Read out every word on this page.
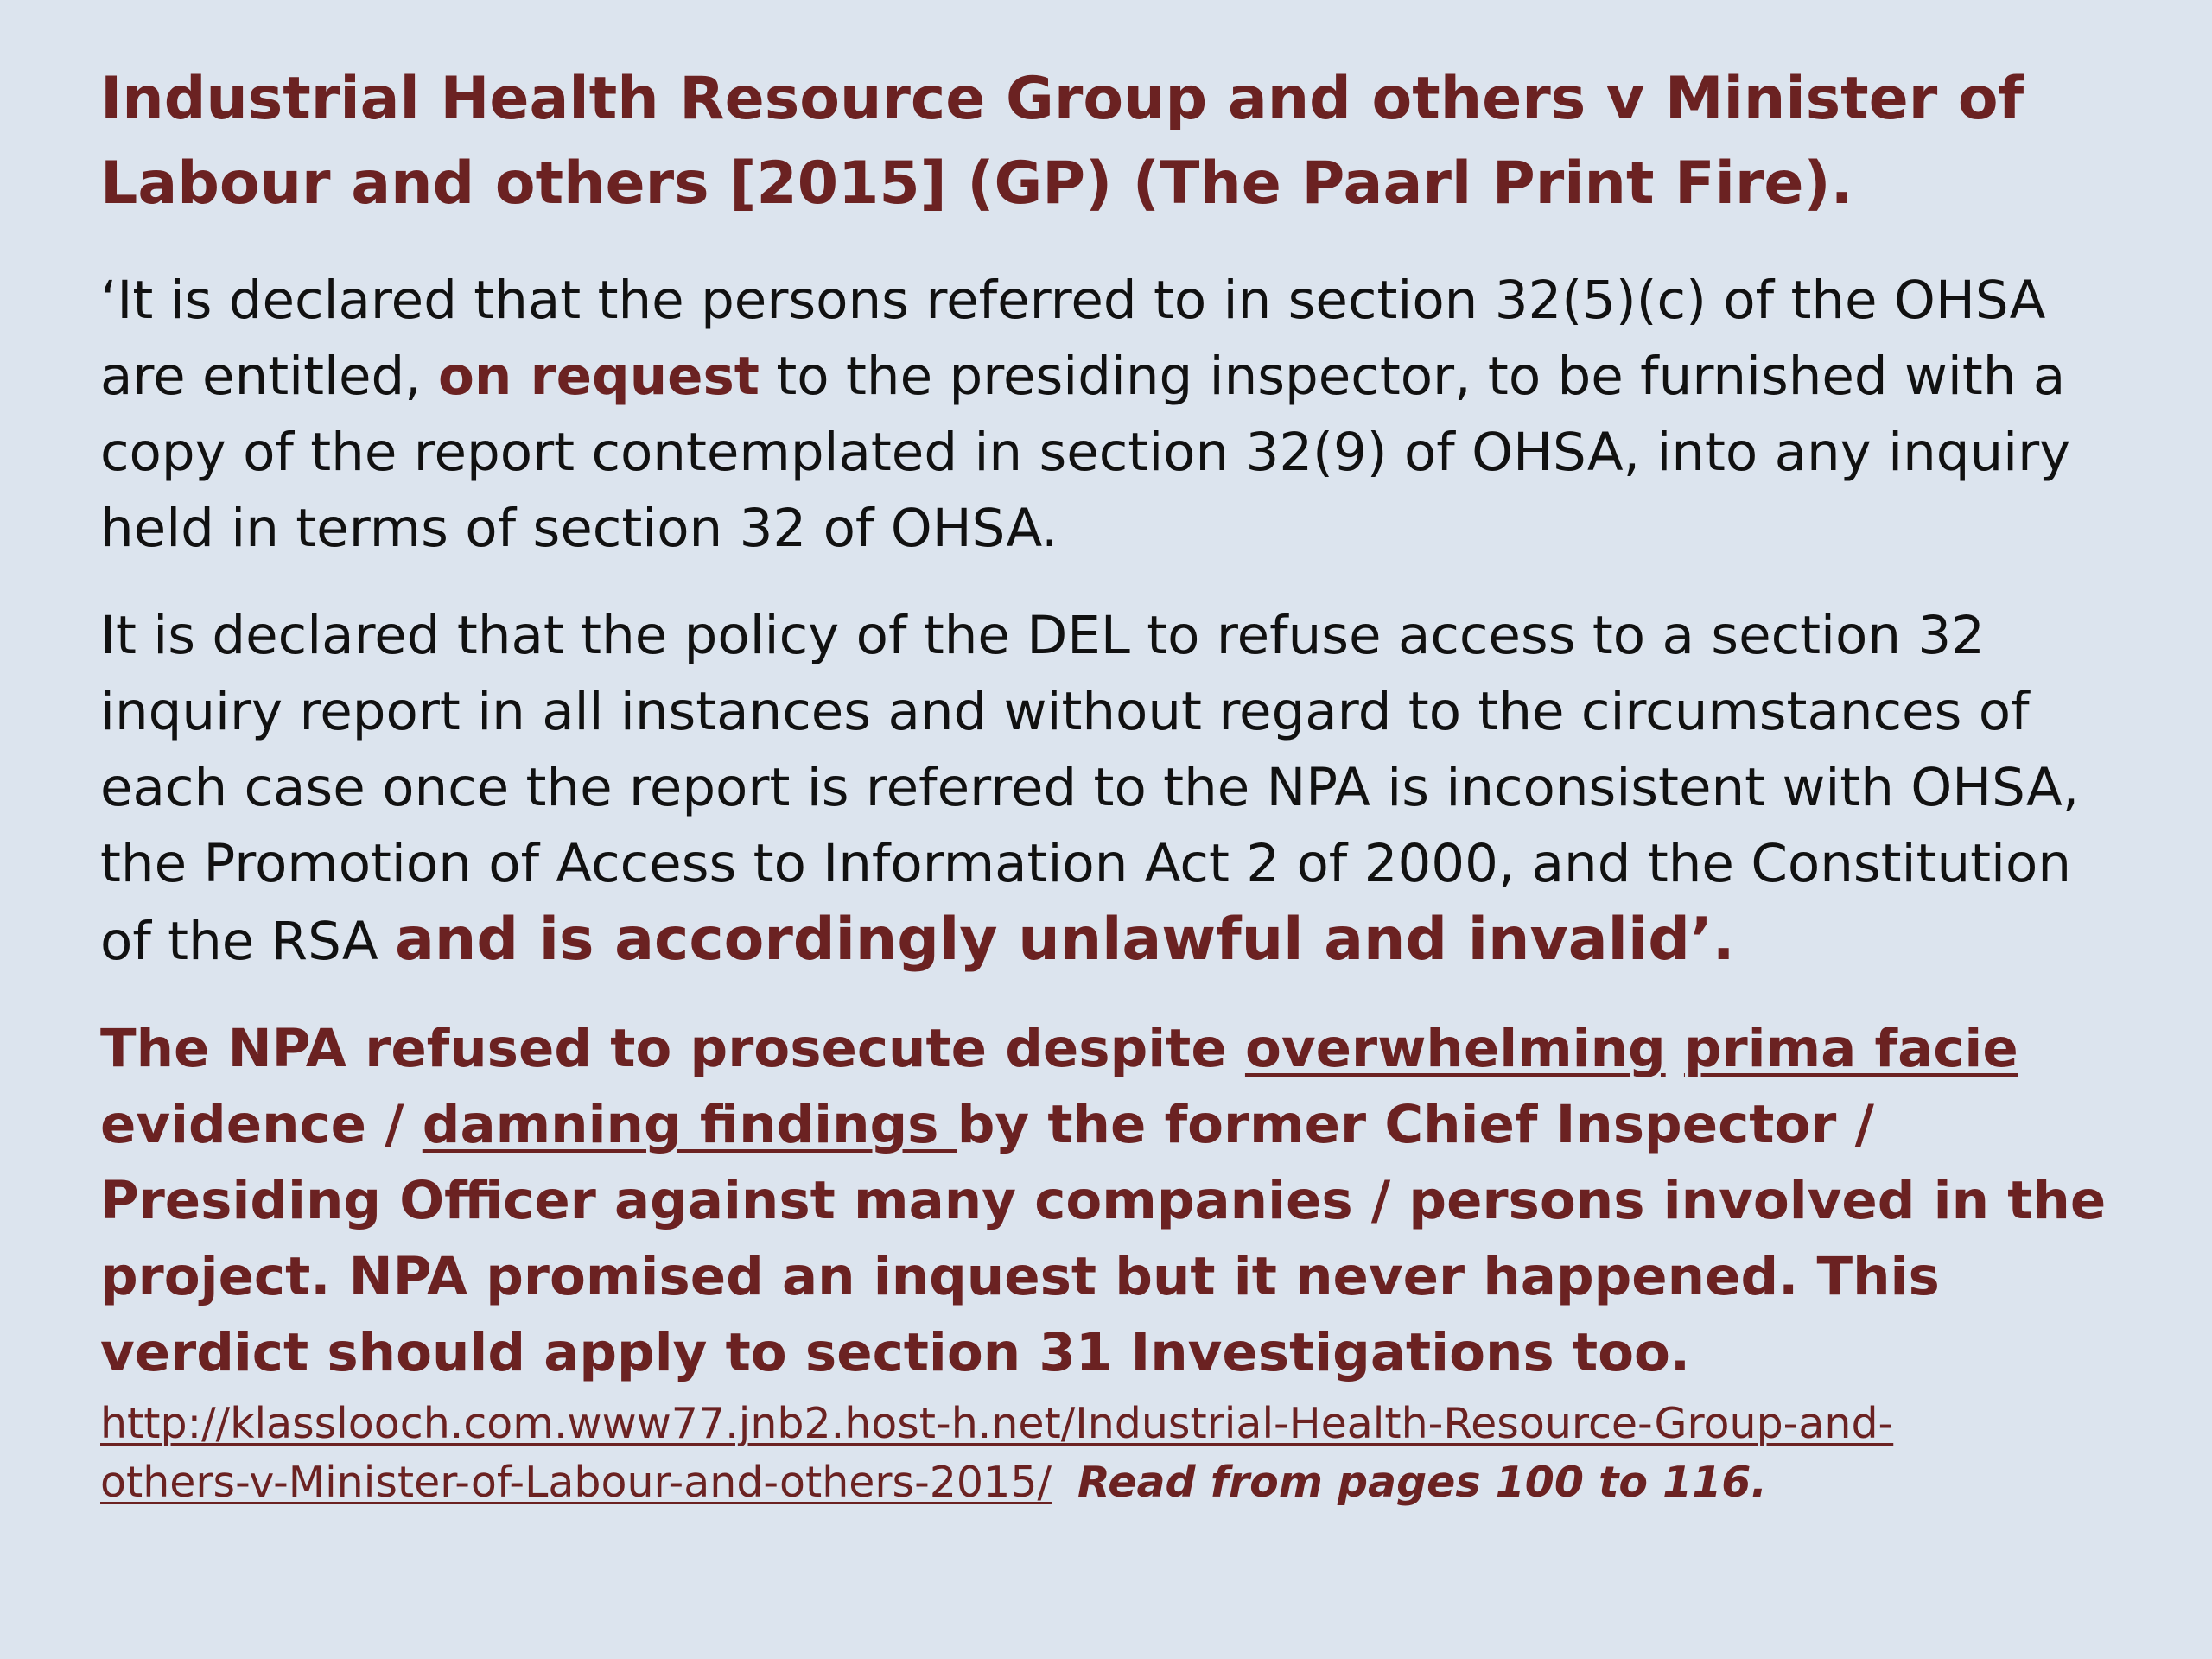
Industrial Health Resource Group and others v Minister of Labour and others [2015] (GP) (The Paarl Print Fire).

‘It is declared that the persons referred to in section 32(5)(c) of the OHSA are entitled, on request to the presiding inspector, to be furnished with a copy of the report contemplated in section 32(9) of OHSA, into any inquiry held in terms of section 32 of OHSA.

It is declared that the policy of the DEL to refuse access to a section 32 inquiry report in all instances and without regard to the circumstances of each case once the report is referred to the NPA is inconsistent with OHSA, the Promotion of Access to Information Act 2 of 2000, and the Constitution of the RSA and is accordingly unlawful and invalid’.

The NPA refused to prosecute despite overwhelming prima facie evidence / damning findings by the former Chief Inspector / Presiding Officer against many companies / persons involved in the project. NPA promised an inquest but it never happened. This verdict should apply to section 31 Investigations too.

http://klasslooch.com.www77.jnb2.host-h.net/Industrial-Health-Resource-Group-and-
others-v-Minister-of-Labour-and-others-2015/ Read from pages 100 to 116.
